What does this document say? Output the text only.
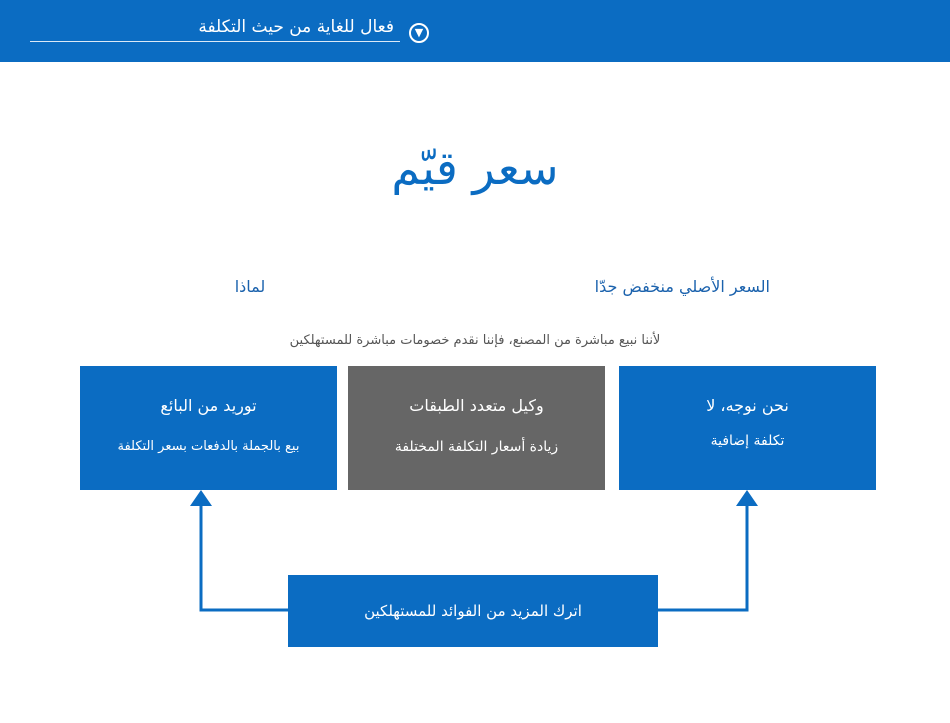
فعال للغاية من حيث التكلفة	▼
سعر قيّم
السعر الأصلي منخفض جدّا
لماذا
لأننا نبيع مباشرة من المصنع، فإننا نقدم خصومات مباشرة للمستهلكين
نحن نوجه، لا
تكلفة إضافية
وكيل متعدد الطبقات
زيادة أسعار التكلفة المختلفة
توريد من البائع
بيع بالجملة بالدفعات بسعر التكلفة
اترك المزيد من الفوائد للمستهلكين
